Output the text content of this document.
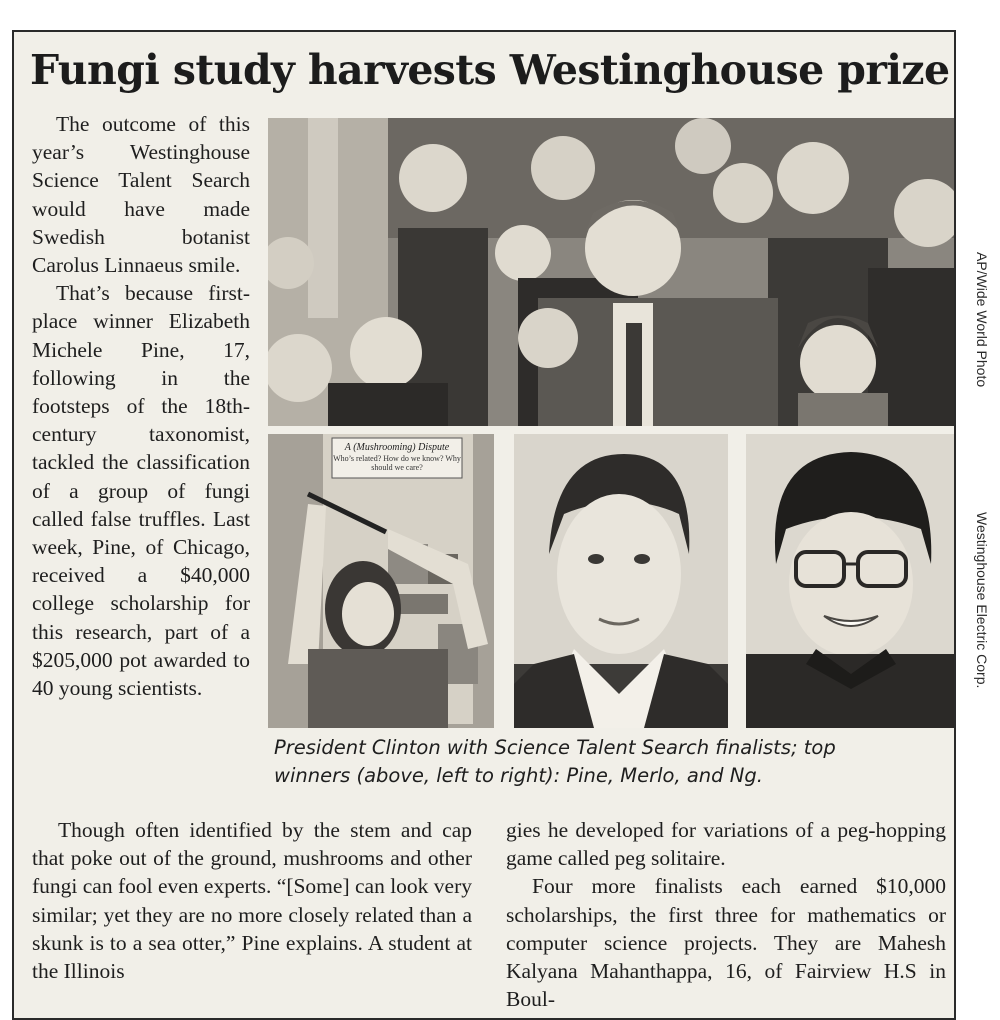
Fungi study harvests Westinghouse prize

The outcome of this year’s Westinghouse Science Talent Search would have made Swedish botanist Carolus Linnaeus smile.

That’s because first-place winner Elizabeth Michele Pine, 17, following in the footsteps of the 18th-century taxonomist, tackled the classification of a group of fungi called false truffles. Last week, Pine, of Chicago, received a $40,000 college scholarship for this research, part of a $205,000 pot awarded to 40 young scientists.

A (Mushrooming) Dispute
Who’s related? How do we know? Why should we care?

President Clinton with Science Talent Search finalists; top winners (above, left to right): Pine, Merlo, and Ng.

Though often identified by the stem and cap that poke out of the ground, mushrooms and other fungi can fool even experts. “[Some] can look very similar; yet they are no more closely related than a skunk is to a sea otter,” Pine explains. A student at the Illinois

gies he developed for variations of a peg-hopping game called peg solitaire.

Four more finalists each earned $10,000 scholarships, the first three for mathematics or computer science projects. They are Mahesh Kalyana Mahanthappa, 16, of Fairview H.S in Boul-

AP/Wide World Photo
Westinghouse Electric Corp.
